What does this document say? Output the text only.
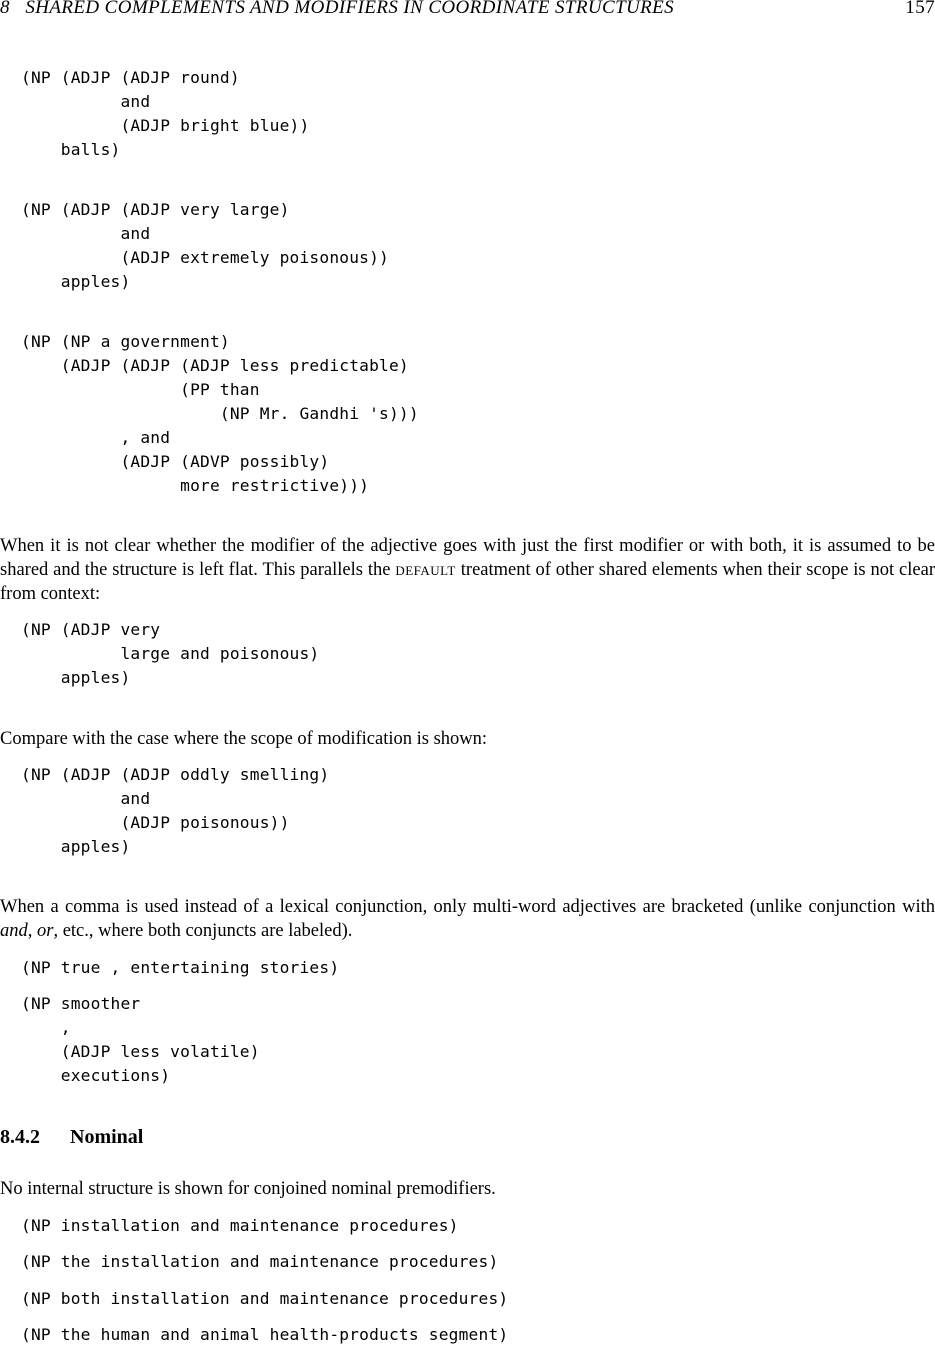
8   SHARED COMPLEMENTS AND MODIFIERS IN COORDINATE STRUCTURES	157
(NP (ADJP (ADJP round)
and
(ADJP bright blue))
balls)
(NP (ADJP (ADJP very large)
and
(ADJP extremely poisonous))
apples)
(NP (NP a government)
(ADJP (ADJP (ADJP less predictable)
(PP than
(NP Mr. Gandhi 's)))
, and
(ADJP (ADVP possibly)
more restrictive)))

When it is not clear whether the modifier of the adjective goes with just the first modifier or with both, it is assumed to be shared and the structure is left flat. This parallels the default treatment of other shared elements when their scope is not clear from context:

(NP (ADJP very
large and poisonous)
apples)

Compare with the case where the scope of modification is shown:

(NP (ADJP (ADJP oddly smelling)
and
(ADJP poisonous))
apples)

When a comma is used instead of a lexical conjunction, only multi-word adjectives are bracketed (unlike conjunction with and, or, etc., where both conjuncts are labeled).

(NP true , entertaining stories)
(NP smoother
,
(ADJP less volatile)
executions)
8.4.2 Nominal

No internal structure is shown for conjoined nominal premodifiers.

(NP installation and maintenance procedures)
(NP the installation and maintenance procedures)
(NP both installation and maintenance procedures)
(NP the human and animal health-products segment)
